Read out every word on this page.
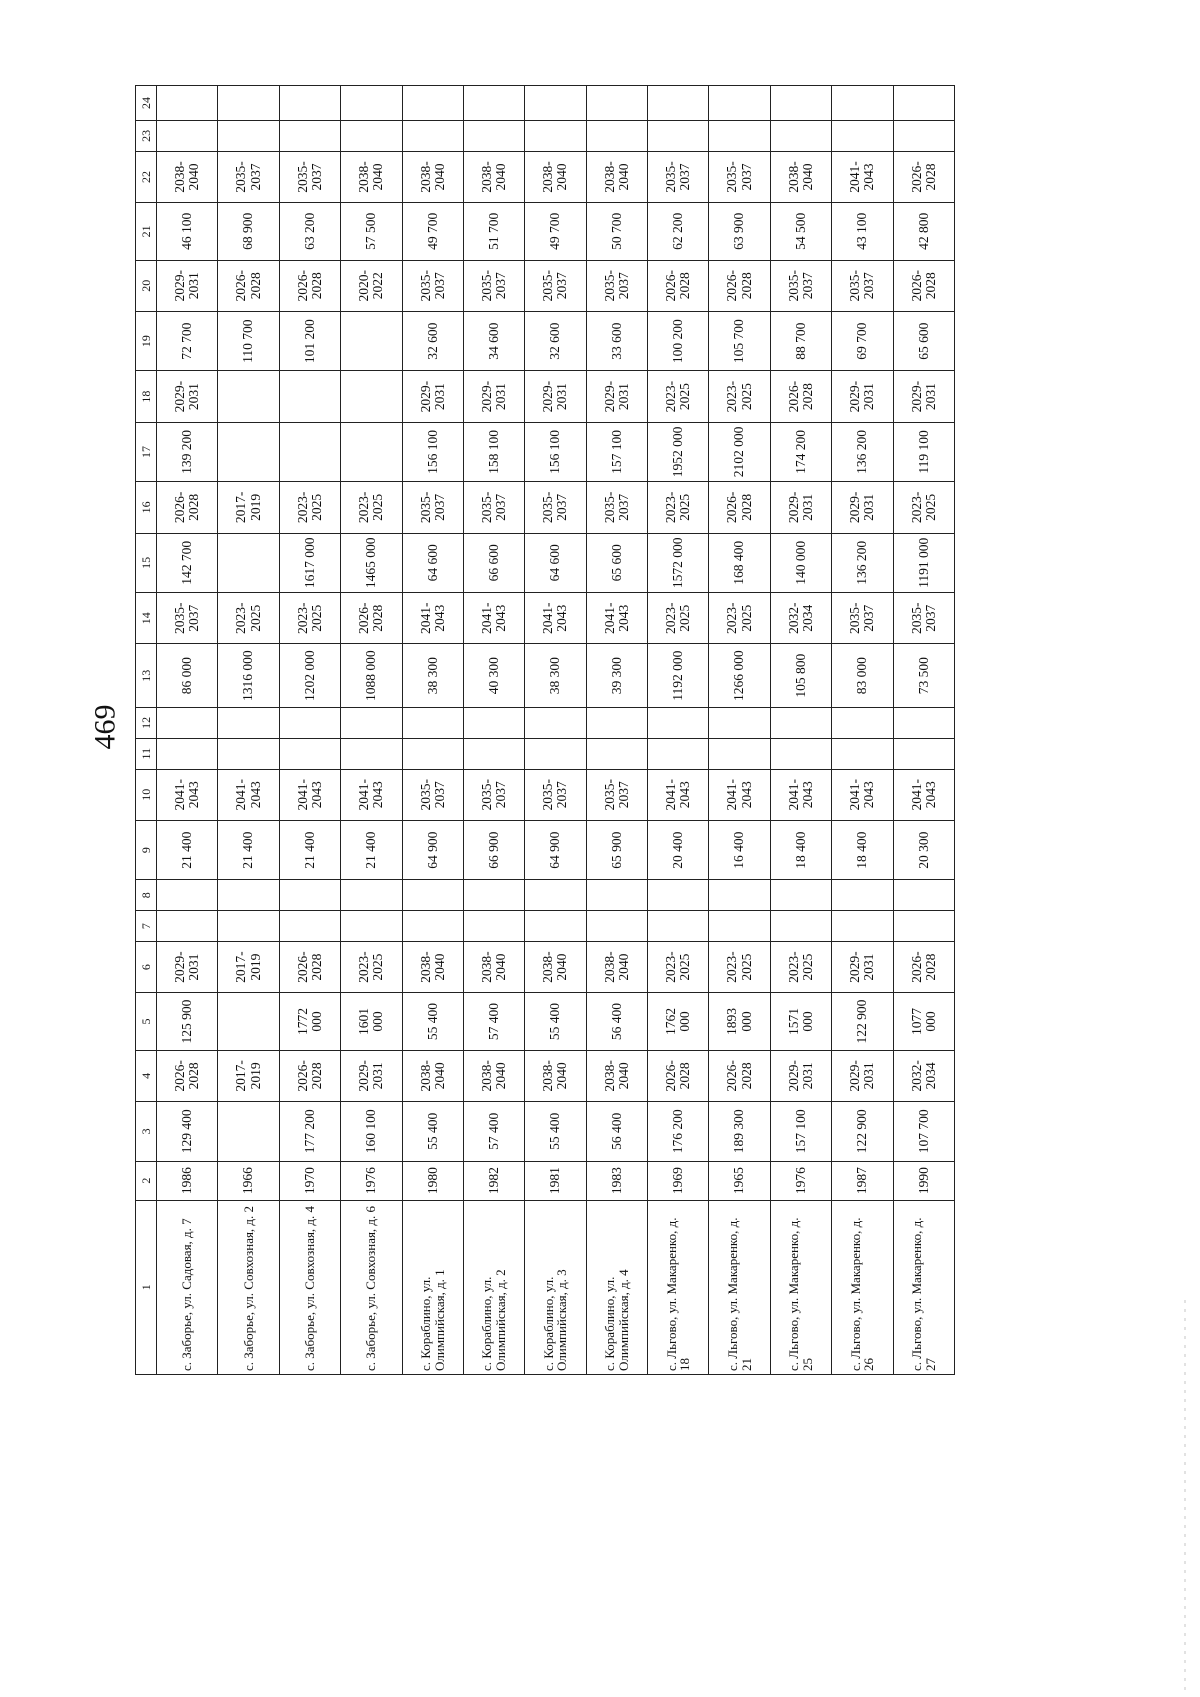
469
1	2	3	4	5	6	7	8	9	10	11	12	13	14	15	16	17	18	19	20	21	22	23	24
с. Заборье, ул. Садовая, д. 7	1986	129 400	2026-2028	125 900	2029-2031			21 400	2041-2043			86 000	2035-2037	142 700	2026-2028	139 200	2029-2031	72 700	2029-2031	46 100	2038-2040		
с. Заборье, ул. Совхозная, д. 2	1966		2017-2019		2017-2019			21 400	2041-2043			1316 000	2023-2025		2017-2019			110 700	2026-2028	68 900	2035-2037		
с. Заборье, ул. Совхозная, д. 4	1970	177 200	2026-2028	1772 000	2026-2028			21 400	2041-2043			1202 000	2023-2025	1617 000	2023-2025			101 200	2026-2028	63 200	2035-2037		
с. Заборье, ул. Совхозная, д. 6	1976	160 100	2029-2031	1601 000	2023-2025			21 400	2041-2043			1088 000	2026-2028	1465 000	2023-2025				2020-2022	57 500	2038-2040		
с. Кораблино, ул. Олимпийская, д. 1	1980	55 400	2038-2040	55 400	2038-2040			64 900	2035-2037			38 300	2041-2043	64 600	2035-2037	156 100	2029-2031	32 600	2035-2037	49 700	2038-2040		
с. Кораблино, ул. Олимпийская, д. 2	1982	57 400	2038-2040	57 400	2038-2040			66 900	2035-2037			40 300	2041-2043	66 600	2035-2037	158 100	2029-2031	34 600	2035-2037	51 700	2038-2040		
с. Кораблино, ул. Олимпийская, д. 3	1981	55 400	2038-2040	55 400	2038-2040			64 900	2035-2037			38 300	2041-2043	64 600	2035-2037	156 100	2029-2031	32 600	2035-2037	49 700	2038-2040		
с. Кораблино, ул. Олимпийская, д. 4	1983	56 400	2038-2040	56 400	2038-2040			65 900	2035-2037			39 300	2041-2043	65 600	2035-2037	157 100	2029-2031	33 600	2035-2037	50 700	2038-2040		
с. Льгово, ул. Макаренко, д. 18	1969	176 200	2026-2028	1762 000	2023-2025			20 400	2041-2043			1192 000	2023-2025	1572 000	2023-2025	1952 000	2023-2025	100 200	2026-2028	62 200	2035-2037		
с. Льгово, ул. Макаренко, д. 21	1965	189 300	2026-2028	1893 000	2023-2025			16 400	2041-2043			1266 000	2023-2025	168 400	2026-2028	2102 000	2023-2025	105 700	2026-2028	63 900	2035-2037		
с. Льгово, ул. Макаренко, д. 25	1976	157 100	2029-2031	1571 000	2023-2025			18 400	2041-2043			105 800	2032-2034	140 000	2029-2031	174 200	2026-2028	88 700	2035-2037	54 500	2038-2040		
с. Льгово, ул. Макаренко, д. 26	1987	122 900	2029-2031	122 900	2029-2031			18 400	2041-2043			83 000	2035-2037	136 200	2029-2031	136 200	2029-2031	69 700	2035-2037	43 100	2041-2043		
с. Льгово, ул. Макаренко, д. 27	1990	107 700	2032-2034	1077 000	2026-2028			20 300	2041-2043			73 500	2035-2037	1191 000	2023-2025	119 100	2029-2031	65 600	2026-2028	42 800	2026-2028		
